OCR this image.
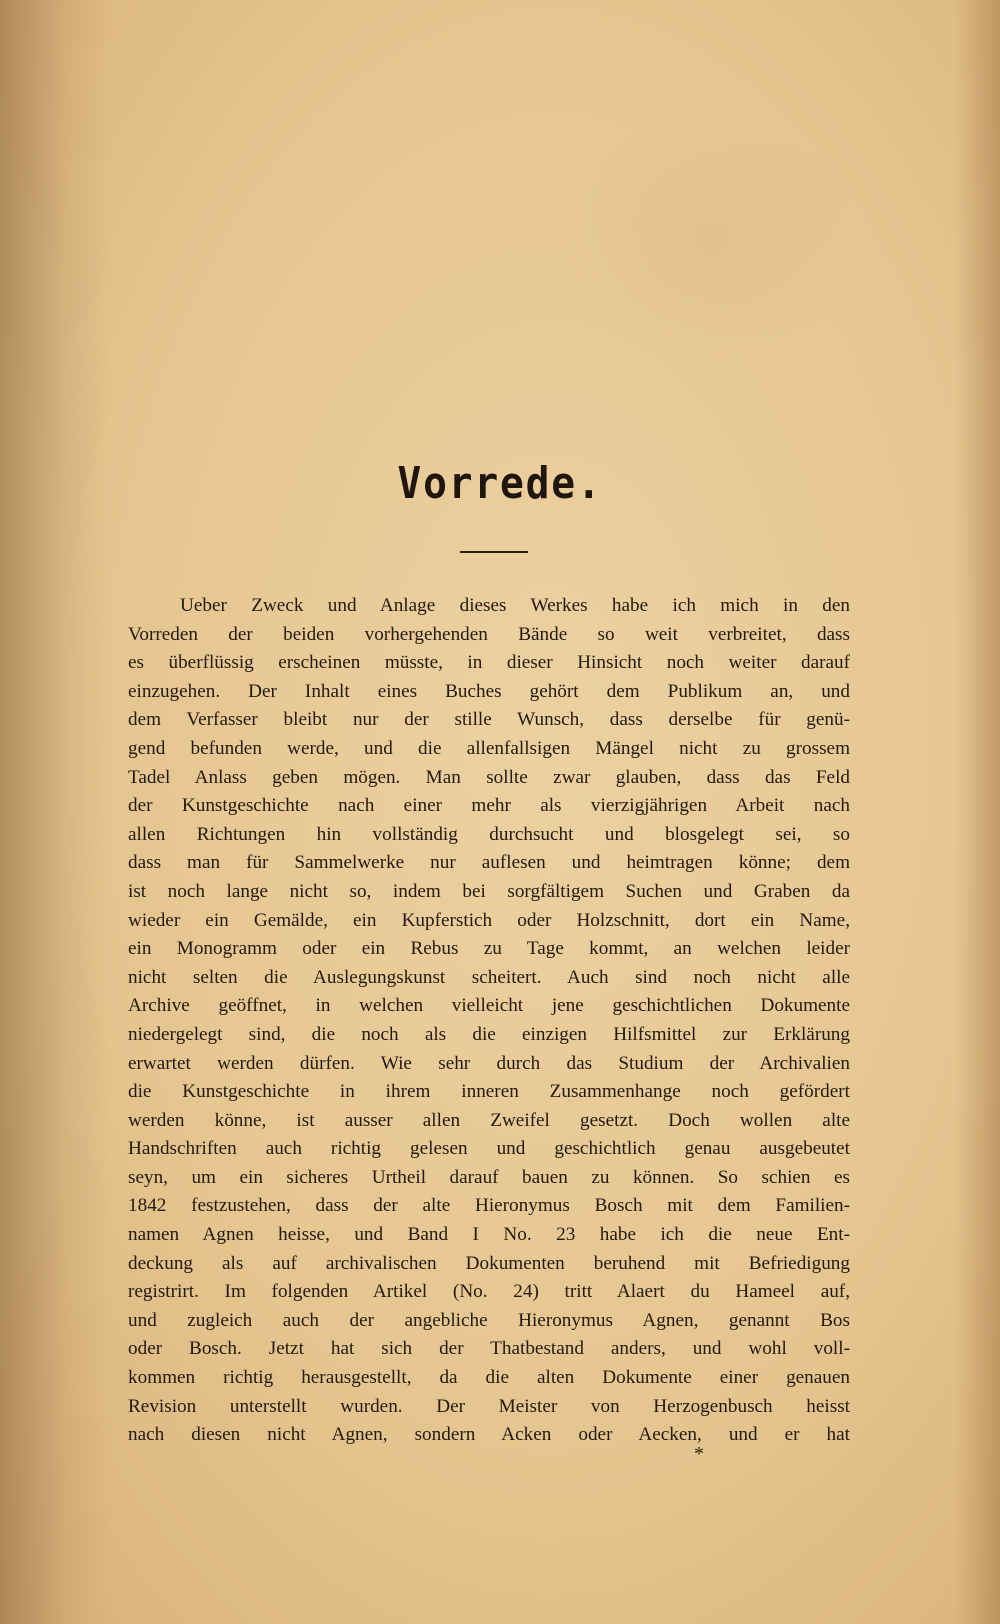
Vorrede.
Ueber Zweck und Anlage dieses Werkes habe ich mich in den
Vorreden der beiden vorhergehenden Bände so weit verbreitet, dass
es überflüssig erscheinen müsste, in dieser Hinsicht noch weiter darauf
einzugehen. Der Inhalt eines Buches gehört dem Publikum an, und
dem Verfasser bleibt nur der stille Wunsch, dass derselbe für genü-
gend befunden werde, und die allenfallsigen Mängel nicht zu grossem
Tadel Anlass geben mögen. Man sollte zwar glauben, dass das Feld
der Kunstgeschichte nach einer mehr als vierzigjährigen Arbeit nach
allen Richtungen hin vollständig durchsucht und blosgelegt sei, so
dass man für Sammelwerke nur auflesen und heimtragen könne; dem
ist noch lange nicht so, indem bei sorgfältigem Suchen und Graben da
wieder ein Gemälde, ein Kupferstich oder Holzschnitt, dort ein Name,
ein Monogramm oder ein Rebus zu Tage kommt, an welchen leider
nicht selten die Auslegungskunst scheitert. Auch sind noch nicht alle
Archive geöffnet, in welchen vielleicht jene geschichtlichen Dokumente
niedergelegt sind, die noch als die einzigen Hilfsmittel zur Erklärung
erwartet werden dürfen. Wie sehr durch das Studium der Archivalien
die Kunstgeschichte in ihrem inneren Zusammenhange noch gefördert
werden könne, ist ausser allen Zweifel gesetzt. Doch wollen alte
Handschriften auch richtig gelesen und geschichtlich genau ausgebeutet
seyn, um ein sicheres Urtheil darauf bauen zu können. So schien es
1842 festzustehen, dass der alte Hieronymus Bosch mit dem Familien-
namen Agnen heisse, und Band I No. 23 habe ich die neue Ent-
deckung als auf archivalischen Dokumenten beruhend mit Befriedigung
registrirt. Im folgenden Artikel (No. 24) tritt Alaert du Hameel auf,
und zugleich auch der angebliche Hieronymus Agnen, genannt Bos
oder Bosch. Jetzt hat sich der Thatbestand anders, und wohl voll-
kommen richtig herausgestellt, da die alten Dokumente einer genauen
Revision unterstellt wurden. Der Meister von Herzogenbusch heisst
nach diesen nicht Agnen, sondern Acken oder Aecken, und er hat
*
